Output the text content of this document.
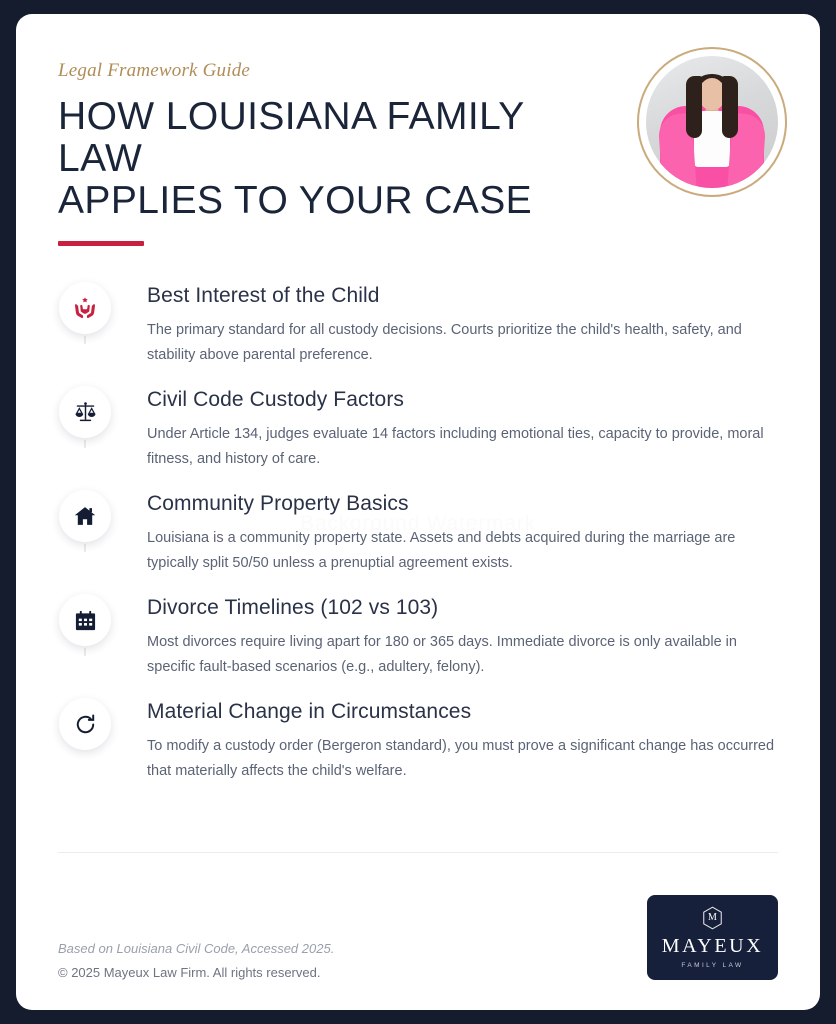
Background Watermark
Legal Framework Guide
HOW LOUISIANA FAMILY
LAW
APPLIES TO YOUR CASE
Best Interest of the Child
The primary standard for all custody decisions. Courts prioritize the child's health, safety, and stability above parental preference.
Civil Code Custody Factors
Under Article 134, judges evaluate 14 factors including emotional ties, capacity to provide, moral fitness, and history of care.
Community Property Basics
Louisiana is a community property state. Assets and debts acquired during the marriage are typically split 50/50 unless a prenuptial agreement exists.
Divorce Timelines (102 vs 103)
Most divorces require living apart for 180 or 365 days. Immediate divorce is only available in specific fault-based scenarios (e.g., adultery, felony).
Material Change in Circumstances
To modify a custody order (Bergeron standard), you must prove a significant change has occurred that materially affects the child's welfare.
Based on Louisiana Civil Code, Accessed 2025.
© 2025 Mayeux Law Firm. All rights reserved.
M
MAYEUX
FAMILY LAW
